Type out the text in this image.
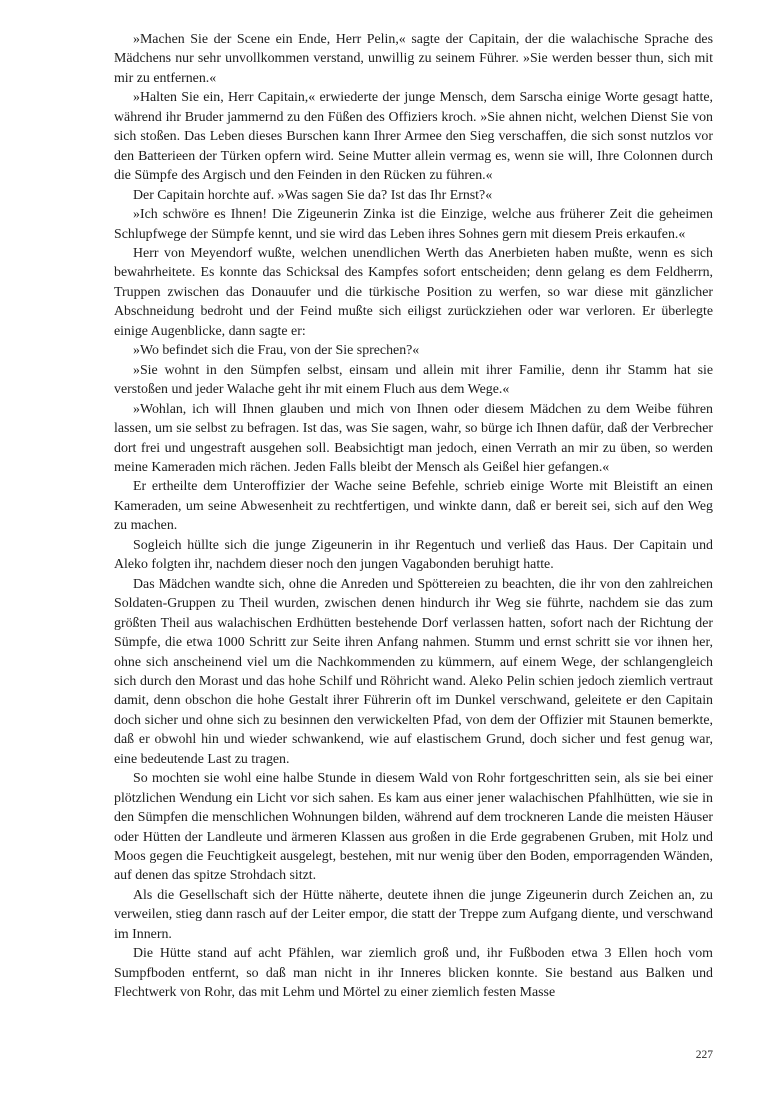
»Machen Sie der Scene ein Ende, Herr Pelin,« sagte der Capitain, der die walachische Sprache des Mädchens nur sehr unvollkommen verstand, unwillig zu seinem Führer. »Sie werden besser thun, sich mit mir zu entfernen.«

»Halten Sie ein, Herr Capitain,« erwiederte der junge Mensch, dem Sarscha einige Worte gesagt hatte, während ihr Bruder jammernd zu den Füßen des Offiziers kroch. »Sie ahnen nicht, welchen Dienst Sie von sich stoßen. Das Leben dieses Burschen kann Ihrer Armee den Sieg verschaffen, die sich sonst nutzlos vor den Batterieen der Türken opfern wird. Seine Mutter allein vermag es, wenn sie will, Ihre Colonnen durch die Sümpfe des Argisch und den Feinden in den Rücken zu führen.«

Der Capitain horchte auf. »Was sagen Sie da? Ist das Ihr Ernst?«

»Ich schwöre es Ihnen! Die Zigeunerin Zinka ist die Einzige, welche aus früherer Zeit die geheimen Schlupfwege der Sümpfe kennt, und sie wird das Leben ihres Sohnes gern mit diesem Preis erkaufen.«

Herr von Meyendorf wußte, welchen unendlichen Werth das Anerbieten haben mußte, wenn es sich bewahrheitete. Es konnte das Schicksal des Kampfes sofort entscheiden; denn gelang es dem Feldherrn, Truppen zwischen das Donauufer und die türkische Position zu werfen, so war diese mit gänzlicher Abschneidung bedroht und der Feind mußte sich eiligst zurückziehen oder war verloren. Er überlegte einige Augenblicke, dann sagte er:

»Wo befindet sich die Frau, von der Sie sprechen?«

»Sie wohnt in den Sümpfen selbst, einsam und allein mit ihrer Familie, denn ihr Stamm hat sie verstoßen und jeder Walache geht ihr mit einem Fluch aus dem Wege.«

»Wohlan, ich will Ihnen glauben und mich von Ihnen oder diesem Mädchen zu dem Weibe führen lassen, um sie selbst zu befragen. Ist das, was Sie sagen, wahr, so bürge ich Ihnen dafür, daß der Verbrecher dort frei und ungestraft ausgehen soll. Beabsichtigt man jedoch, einen Verrath an mir zu üben, so werden meine Kameraden mich rächen. Jeden Falls bleibt der Mensch als Geißel hier gefangen.«

Er ertheilte dem Unteroffizier der Wache seine Befehle, schrieb einige Worte mit Bleistift an einen Kameraden, um seine Abwesenheit zu rechtfertigen, und winkte dann, daß er bereit sei, sich auf den Weg zu machen.

Sogleich hüllte sich die junge Zigeunerin in ihr Regentuch und verließ das Haus. Der Capitain und Aleko folgten ihr, nachdem dieser noch den jungen Vagabonden beruhigt hatte.

Das Mädchen wandte sich, ohne die Anreden und Spöttereien zu beachten, die ihr von den zahlreichen Soldaten-Gruppen zu Theil wurden, zwischen denen hindurch ihr Weg sie führte, nachdem sie das zum größten Theil aus walachischen Erdhütten bestehende Dorf verlassen hatten, sofort nach der Richtung der Sümpfe, die etwa 1000 Schritt zur Seite ihren Anfang nahmen. Stumm und ernst schritt sie vor ihnen her, ohne sich anscheinend viel um die Nachkommenden zu kümmern, auf einem Wege, der schlangengleich sich durch den Morast und das hohe Schilf und Röhricht wand. Aleko Pelin schien jedoch ziemlich vertraut damit, denn obschon die hohe Gestalt ihrer Führerin oft im Dunkel verschwand, geleitete er den Capitain doch sicher und ohne sich zu besinnen den verwickelten Pfad, von dem der Offizier mit Staunen bemerkte, daß er obwohl hin und wieder schwankend, wie auf elastischem Grund, doch sicher und fest genug war, eine bedeutende Last zu tragen.

So mochten sie wohl eine halbe Stunde in diesem Wald von Rohr fortgeschritten sein, als sie bei einer plötzlichen Wendung ein Licht vor sich sahen. Es kam aus einer jener walachischen Pfahlhütten, wie sie in den Sümpfen die menschlichen Wohnungen bilden, während auf dem trockneren Lande die meisten Häuser oder Hütten der Landleute und ärmeren Klassen aus großen in die Erde gegrabenen Gruben, mit Holz und Moos gegen die Feuchtigkeit ausgelegt, bestehen, mit nur wenig über den Boden, emporragenden Wänden, auf denen das spitze Strohdach sitzt.

Als die Gesellschaft sich der Hütte näherte, deutete ihnen die junge Zigeunerin durch Zeichen an, zu verweilen, stieg dann rasch auf der Leiter empor, die statt der Treppe zum Aufgang diente, und verschwand im Innern.

Die Hütte stand auf acht Pfählen, war ziemlich groß und, ihr Fußboden etwa 3 Ellen hoch vom Sumpfboden entfernt, so daß man nicht in ihr Inneres blicken konnte. Sie bestand aus Balken und Flechtwerk von Rohr, das mit Lehm und Mörtel zu einer ziemlich festen Masse

227
